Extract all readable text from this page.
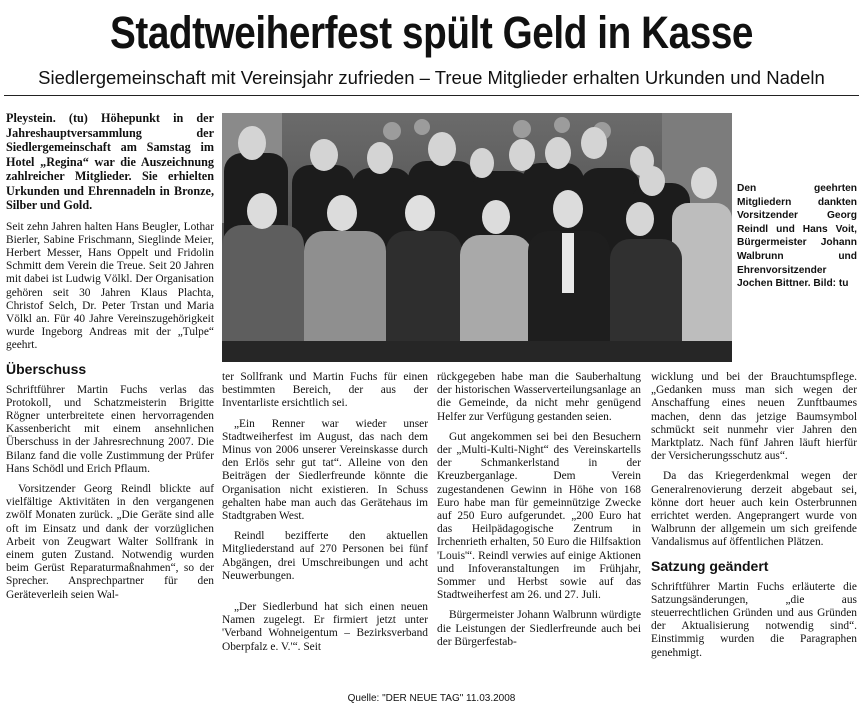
Stadtweiherfest spült Geld in Kasse
Siedlergemeinschaft mit Vereinsjahr zufrieden – Treue Mitglieder erhalten Urkunden und Nadeln

Pleystein. (tu) Höhepunkt in der Jahreshauptversammlung der Siedlergemeinschaft am Samstag im Hotel „Regina“ war die Auszeichnung zahlreicher Mitglieder. Sie erhielten Urkunden und Ehrennadeln in Bronze, Silber und Gold.

Seit zehn Jahren halten Hans Beugler, Lothar Bierler, Sabine Frischmann, Sieglinde Meier, Herbert Messer, Hans Oppelt und Fridolin Schmitt dem Verein die Treue. Seit 20 Jahren mit dabei ist Ludwig Völkl. Der Organisation gehören seit 30 Jahren Klaus Plachta, Christof Selch, Dr. Peter Trstan und Maria Völkl an. Für 40 Jahre Vereinszugehörigkeit wurde Ingeborg Andreas mit der „Tulpe“ geehrt.

Überschuss

Schriftführer Martin Fuchs verlas das Protokoll, und Schatzmeisterin Brigitte Rögner unterbreitete einen hervorragenden Kassenbericht mit einem ansehnlichen Überschuss in der Jahresrechnung 2007. Die Bilanz fand die volle Zustimmung der Prüfer Hans Schödl und Erich Pflaum.

Vorsitzender Georg Reindl blickte auf vielfältige Aktivitäten in den vergangenen zwölf Monaten zurück. „Die Geräte sind alle oft im Einsatz und dank der vorzüglichen Arbeit von Zeugwart Walter Sollfrank in einem guten Zustand. Notwendig wurden beim Gerüst Reparaturmaßnahmen“, so der Sprecher. Ansprechpartner für den Geräteverleih seien Wal-

Den geehrten Mitgliedern dankten Vorsitzender Georg Reindl und Hans Voit, Bürgermeister Johann Walbrunn und Ehrenvorsitzender Jochen Bittner. Bild: tu

ter Sollfrank und Martin Fuchs für einen bestimmten Bereich, der aus der Inventarliste ersichtlich sei.

„Ein Renner war wieder unser Stadtweiherfest im August, das nach dem Minus von 2006 unserer Vereinskasse durch den Erlös sehr gut tat“. Alleine von den Beiträgen der Siedlerfreunde könnte die Organisation nicht existieren. In Schuss gehalten habe man auch das Gerätehaus im Stadtgraben West.

Reindl bezifferte den aktuellen Mitgliederstand auf 270 Personen bei fünf Abgängen, drei Umschreibungen und acht Neuwerbungen.

„Der Siedlerbund hat sich einen neuen Namen zugelegt. Er firmiert jetzt unter 'Verband Wohneigentum – Bezirksverband Oberpfalz e. V.'“. Seit

rückgegeben habe man die Sauberhaltung der historischen Wasserverteilungsanlage an die Gemeinde, da nicht mehr genügend Helfer zur Verfügung gestanden seien.

Gut angekommen sei bei den Besuchern der „Multi-Kulti-Night“ des Vereinskartells der Schmankerlstand in der Kreuzberganlage. Dem Verein zugestandenen Gewinn in Höhe von 168 Euro habe man für gemeinnützige Zwecke auf 250 Euro aufgerundet. „200 Euro hat das Heilpädagogische Zentrum in Irchenrieth erhalten, 50 Euro die Hilfsaktion 'Louis'“. Reindl verwies auf einige Aktionen und Infoveranstaltungen im Frühjahr, Sommer und Herbst sowie auf das Stadtweiherfest am 26. und 27. Juli.

Bürgermeister Johann Walbrunn würdigte die Leistungen der Siedlerfreunde auch bei der Bürgerfestab-

wicklung und bei der Brauchtumspflege. „Gedanken muss man sich wegen der Anschaffung eines neuen Zunftbaumes machen, denn das jetzige Baumsymbol schmückt seit nunmehr vier Jahren den Marktplatz. Nach fünf Jahren läuft hierfür der Versicherungsschutz aus“.

Da das Kriegerdenkmal wegen der Generalrenovierung derzeit abgebaut sei, könne dort heuer auch kein Osterbrunnen errichtet werden. Angeprangert wurde von Walbrunn der allgemein um sich greifende Vandalismus auf öffentlichen Plätzen.

Satzung geändert

Schriftführer Martin Fuchs erläuterte die Satzungsänderungen, „die aus steuerrechtlichen Gründen und aus Gründen der Aktualisierung notwendig sind“. Einstimmig wurden die Paragraphen genehmigt.

Quelle: "DER NEUE TAG" 11.03.2008
